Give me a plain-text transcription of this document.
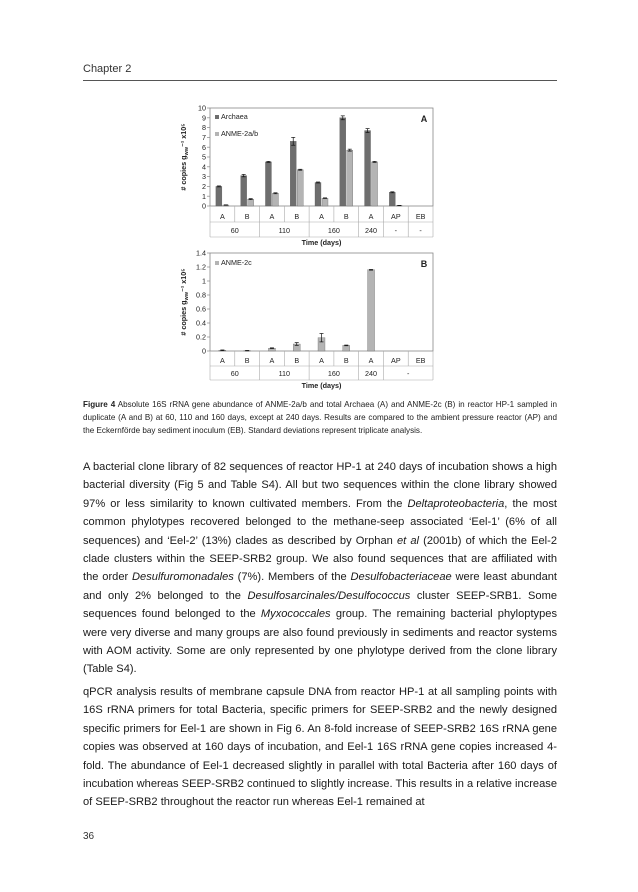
Chapter 2
0
1
2
3
4
5
6
7
8
9
10
# copies $g_{ww}^{-1}$ x10⁵
A	B	A	B	A	B	A AP EB
60	110	160	240 -	-
Time (days)
Archaea
ANME-2a/b
A
0
0.2
0.4
0.6
0.8
1
1.2
1.4
# copies $g_{ww}^{-1}$ x10⁵
A	B	A	B	A	B	A AP EB
60	110	160	240	-
Time (days)
ANME-2c	B
Figure 4 Absolute 16S rRNA gene abundance of ANME-2a/b and total Archaea (A) and ANME-2c (B) in reactor HP-1 sampled in duplicate (A and B) at 60, 110 and 160 days, except at 240 days. Results are compared to the ambient pressure reactor (AP) and the Eckernförde bay sediment inoculum (EB). Standard deviations represent triplicate analysis.

A bacterial clone library of 82 sequences of reactor HP-1 at 240 days of incubation shows a high bacterial diversity (Fig 5 and Table S4). All but two sequences within the clone library showed 97% or less similarity to known cultivated members. From the Deltaproteobacteria, the most common phylotypes recovered belonged to the methane-seep associated ‘Eel-1’ (6% of all sequences) and ‘Eel-2’ (13%) clades as described by Orphan et al (2001b) of which the Eel-2 clade clusters within the SEEP-SRB2 group. We also found sequences that are affiliated with the order Desulfuromonadales (7%). Members of the Desulfobacteriaceae were least abundant and only 2% belonged to the Desulfosarcinales/Desulfococcus cluster SEEP-SRB1. Some sequences found belonged to the Myxococcales group. The remaining bacterial phyloptypes were very diverse and many groups are also found previously in sediments and reactor systems with AOM activity. Some are only represented by one phylotype derived from the clone library (Table S4).

qPCR analysis results of membrane capsule DNA from reactor HP-1 at all sampling points with 16S rRNA primers for total Bacteria, specific primers for SEEP-SRB2 and the newly designed specific primers for Eel-1 are shown in Fig 6. An 8-fold increase of SEEP-SRB2 16S rRNA gene copies was observed at 160 days of incubation, and Eel-1 16S rRNA gene copies increased 4-fold. The abundance of Eel-1 decreased slightly in parallel with total Bacteria after 160 days of incubation whereas SEEP-SRB2 continued to slightly increase. This results in a relative increase of SEEP-SRB2 throughout the reactor run whereas Eel-1 remained at

36
